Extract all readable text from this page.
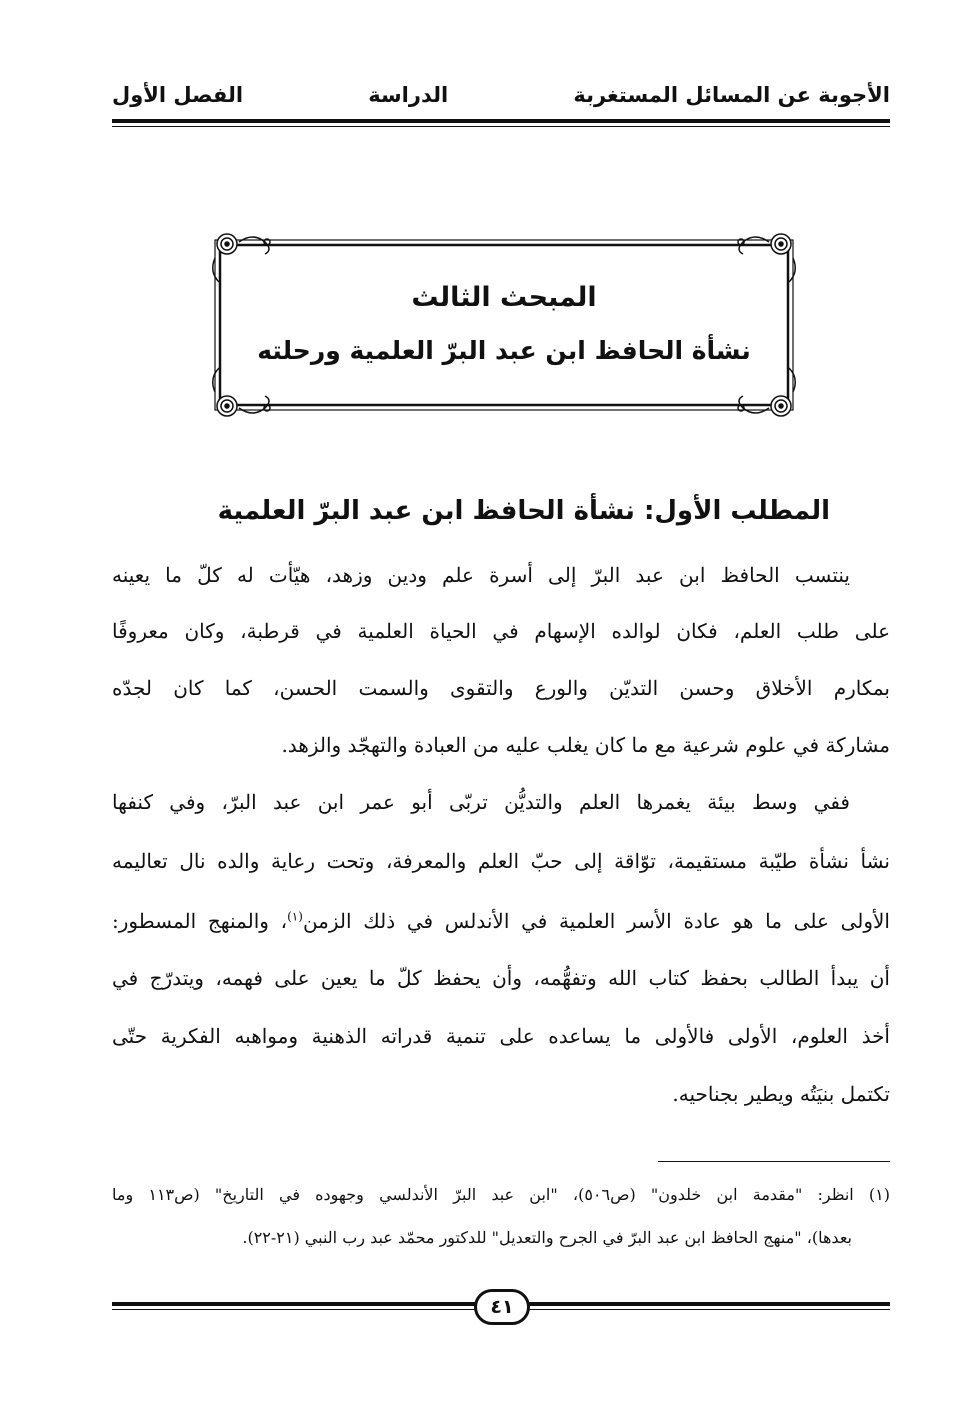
الأجوبة عن المسائل المستغربة
الدراسة
الفصل الأول
المبحث الثالث
نشأة الحافظ ابن عبد البرّ العلمية ورحلته
المطلب الأول: نشأة الحافظ ابن عبد البرّ العلمية
ينتسب الحافظ ابن عبد البرّ إلى أسرة علم ودين وزهد، هيّأت له كلّ ما يعينه
على طلب العلم، فكان لوالده الإسهام في الحياة العلمية في قرطبة، وكان معروفًا
بمكارم الأخلاق وحسن التديّن والورع والتقوى والسمت الحسن، كما كان لجدّه
مشاركة في علوم شرعية مع ما كان يغلب عليه من العبادة والتهجّد والزهد.
ففي وسط بيئة يغمرها العلم والتديُّن تربّى أبو عمر ابن عبد البرّ، وفي كنفها
نشأ نشأة طيّبة مستقيمة، توّاقة إلى حبّ العلم والمعرفة، وتحت رعاية والده نال تعاليمه
الأولى على ما هو عادة الأسر العلمية في الأندلس في ذلك الزمن$^{(١)}$، والمنهج المسطور:
أن يبدأ الطالب بحفظ كتاب الله وتفهُّمه، وأن يحفظ كلّ ما يعين على فهمه، ويتدرّج في
أخذ العلوم، الأولى فالأولى ما يساعده على تنمية قدراته الذهنية ومواهبه الفكرية حتّى
تكتمل بنيَتُه ويطير بجناحيه.
(١) انظر: "مقدمة ابن خلدون" (ص٥٠٦)، "ابن عبد البرّ الأندلسي وجهوده في التاريخ" (ص١١٣ وما
بعدها)، "منهج الحافظ ابن عبد البرّ في الجرح والتعديل" للدكتور محمّد عبد رب النبي (٢١-٢٢).
٤١
